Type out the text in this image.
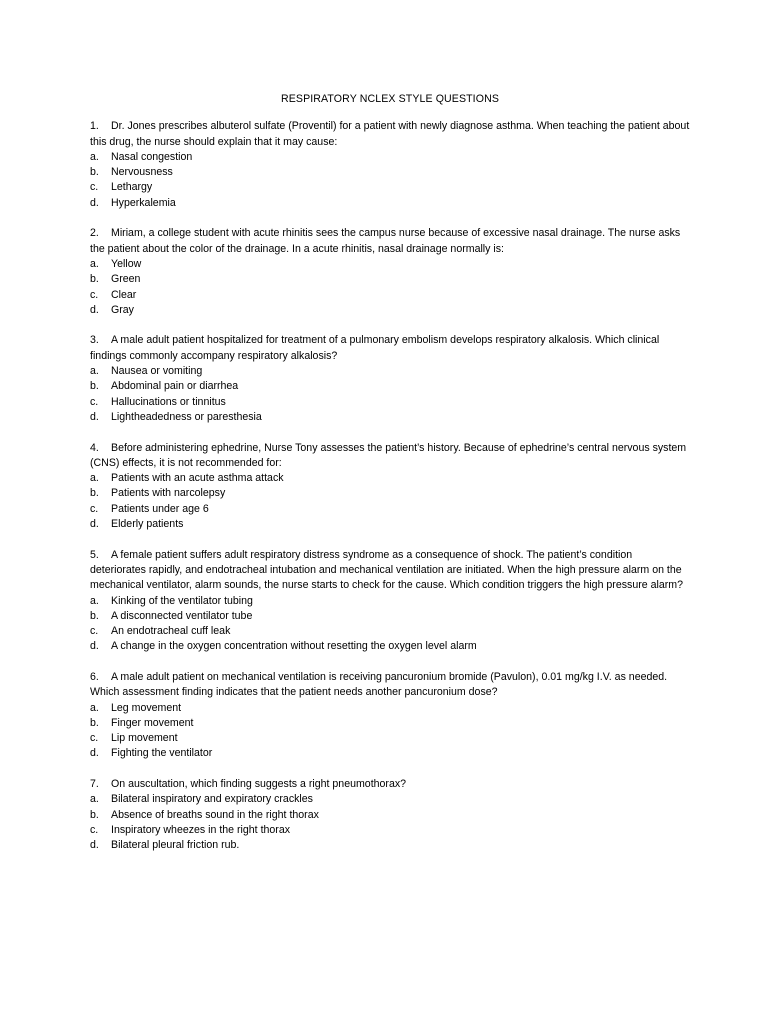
RESPIRATORY NCLEX STYLE QUESTIONS

1. Dr. Jones prescribes albuterol sulfate (Proventil) for a patient with newly diagnose asthma. When teaching the patient about this drug, the nurse should explain that it may cause:

a.	Nasal congestion
b.	Nervousness
c.	Lethargy
d.	Hyperkalemia

2. Miriam, a college student with acute rhinitis sees the campus nurse because of excessive nasal drainage. The nurse asks the patient about the color of the drainage. In a acute rhinitis, nasal drainage normally is:

a.	Yellow
b.	Green
c.	Clear
d.	Gray

3. A male adult patient hospitalized for treatment of a pulmonary embolism develops respiratory alkalosis. Which clinical findings commonly accompany respiratory alkalosis?

a.	Nausea or vomiting
b.	Abdominal pain or diarrhea
c.	Hallucinations or tinnitus
d.	Lightheadedness or paresthesia

4. Before administering ephedrine, Nurse Tony assesses the patient’s history. Because of ephedrine’s central nervous system (CNS) effects, it is not recommended for:

a.	Patients with an acute asthma attack
b.	Patients with narcolepsy
c.	Patients under age 6
d.	Elderly patients

5. A female patient suffers adult respiratory distress syndrome as a consequence of shock. The patient’s condition deteriorates rapidly, and endotracheal intubation and mechanical ventilation are initiated. When the high pressure alarm on the mechanical ventilator, alarm sounds, the nurse starts to check for the cause. Which condition triggers the high pressure alarm?

a.	Kinking of the ventilator tubing
b.	A disconnected ventilator tube
c.	An endotracheal cuff leak
d.	A change in the oxygen concentration without resetting the oxygen level alarm

6. A male adult patient on mechanical ventilation is receiving pancuronium bromide (Pavulon), 0.01 mg/kg I.V. as needed. Which assessment finding indicates that the patient needs another pancuronium dose?

a.	Leg movement
b.	Finger movement
c.	Lip movement
d.	Fighting the ventilator

7. On auscultation, which finding suggests a right pneumothorax?

a.	Bilateral inspiratory and expiratory crackles
b.	Absence of breaths sound in the right thorax
c.	Inspiratory wheezes in the right thorax
d.	Bilateral pleural friction rub.
